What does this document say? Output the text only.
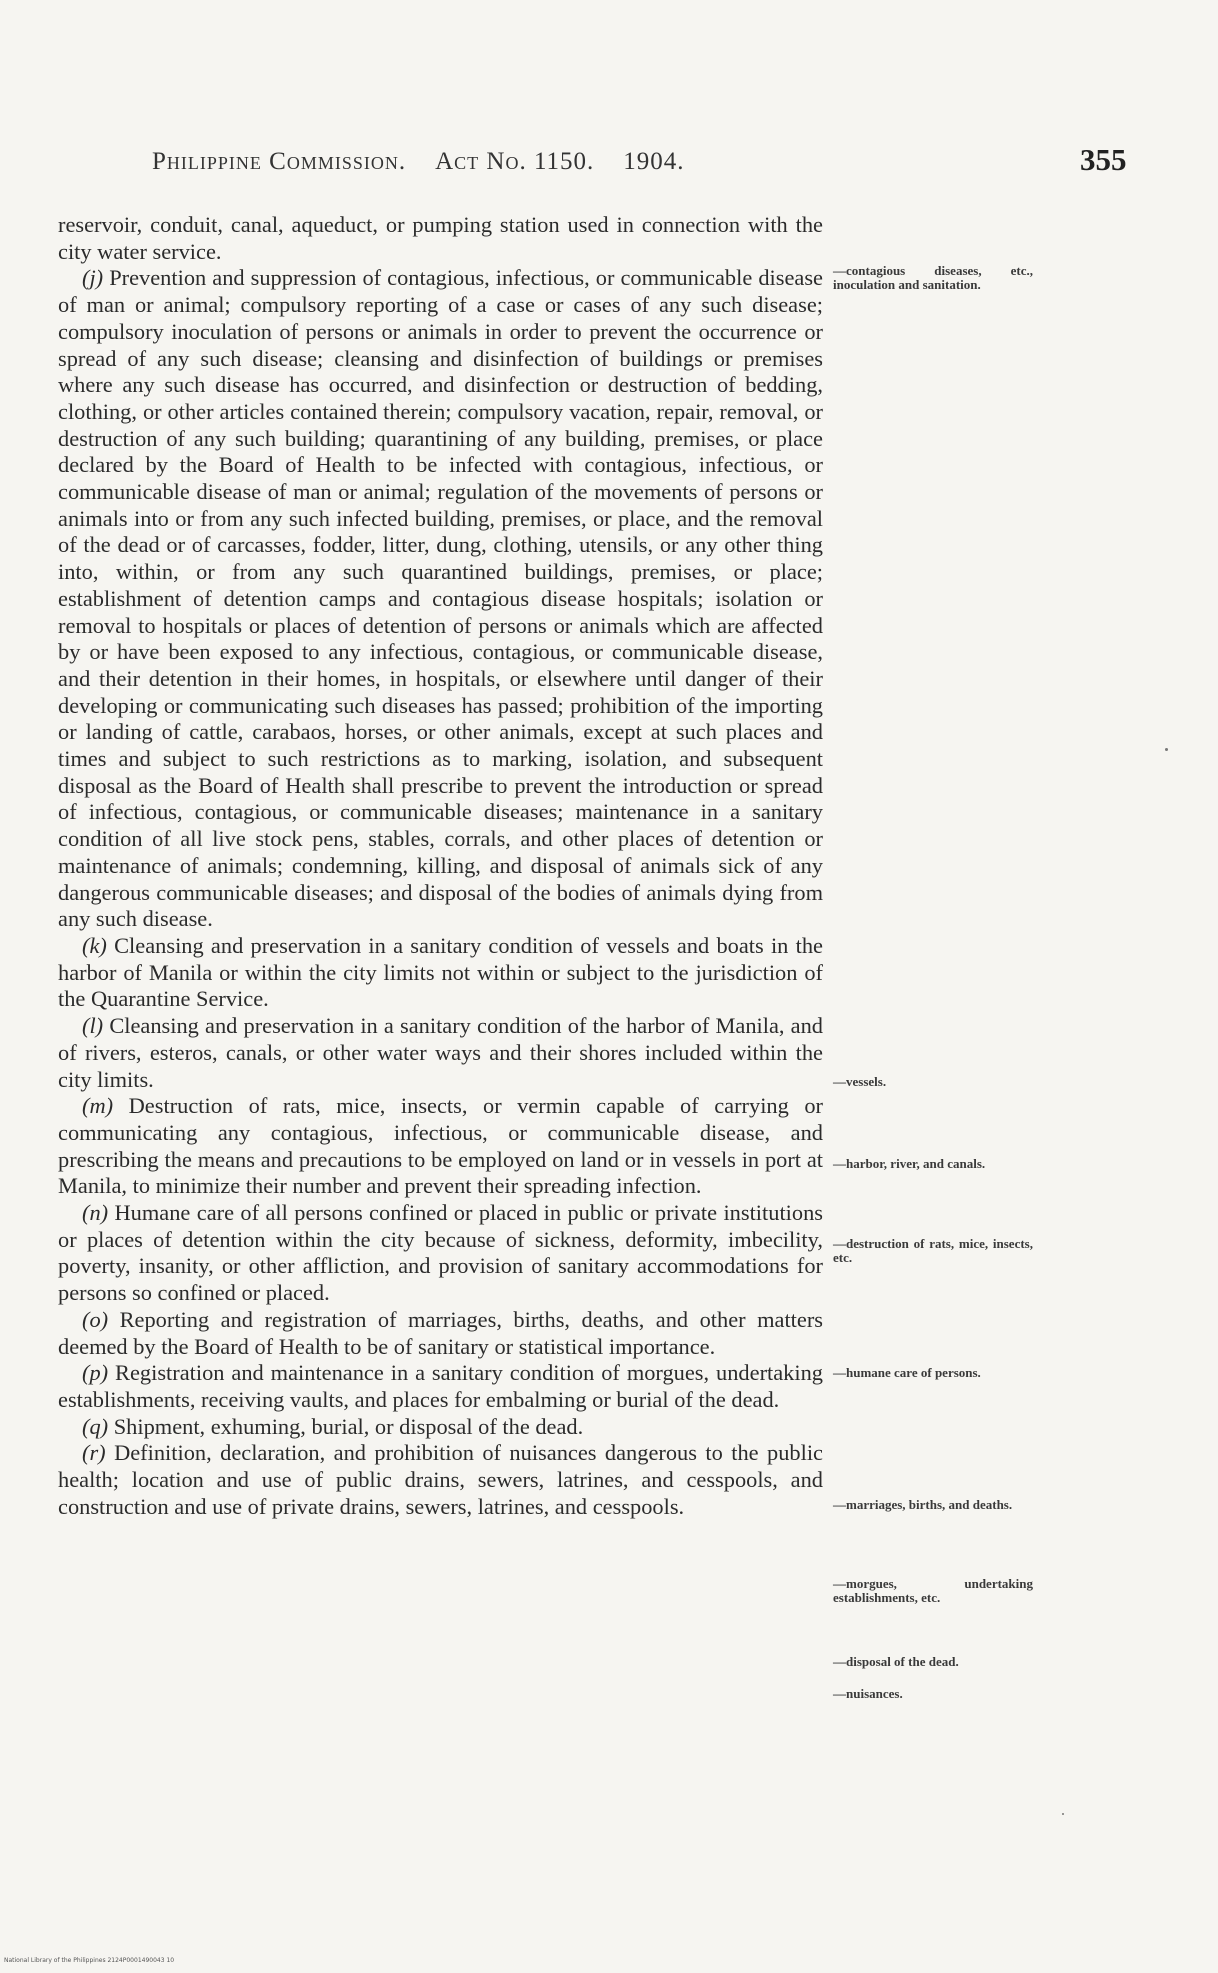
Philippine Commission. Act No. 1150. 1904.	355

reservoir, conduit, canal, aqueduct, or pumping station used in connection with the city water service.

(j) Prevention and suppression of contagious, infectious, or communicable disease of man or animal; compulsory reporting of a case or cases of any such disease; compulsory inoculation of persons or animals in order to prevent the occurrence or spread of any such disease; cleansing and disinfection of buildings or premises where any such disease has occurred, and disinfection or destruction of bedding, clothing, or other articles contained therein; compulsory vacation, repair, removal, or destruction of any such building; quarantining of any building, premises, or place declared by the Board of Health to be infected with contagious, infectious, or communicable disease of man or animal; regulation of the movements of persons or animals into or from any such infected building, premises, or place, and the removal of the dead or of carcasses, fodder, litter, dung, clothing, utensils, or any other thing into, within, or from any such quarantined buildings, premises, or place; establishment of detention camps and contagious disease hospitals; isolation or removal to hospitals or places of detention of persons or animals which are affected by or have been exposed to any infectious, contagious, or communicable disease, and their detention in their homes, in hospitals, or elsewhere until danger of their developing or communicating such diseases has passed; prohibition of the importing or landing of cattle, carabaos, horses, or other animals, except at such places and times and subject to such restrictions as to marking, isolation, and subsequent disposal as the Board of Health shall prescribe to prevent the introduction or spread of infectious, contagious, or communicable diseases; maintenance in a sanitary condition of all live stock pens, stables, corrals, and other places of detention or maintenance of animals; condemning, killing, and disposal of animals sick of any dangerous communicable diseases; and disposal of the bodies of animals dying from any such disease.

(k) Cleansing and preservation in a sanitary condition of vessels and boats in the harbor of Manila or within the city limits not within or subject to the jurisdiction of the Quarantine Service.

(l) Cleansing and preservation in a sanitary condition of the harbor of Manila, and of rivers, esteros, canals, or other water ways and their shores included within the city limits.

(m) Destruction of rats, mice, insects, or vermin capable of carrying or communicating any contagious, infectious, or communicable disease, and prescribing the means and precautions to be employed on land or in vessels in port at Manila, to minimize their number and prevent their spreading infection.

(n) Humane care of all persons confined or placed in public or private institutions or places of detention within the city because of sickness, deformity, imbecility, poverty, insanity, or other affliction, and provision of sanitary accommodations for persons so confined or placed.

(o) Reporting and registration of marriages, births, deaths, and other matters deemed by the Board of Health to be of sanitary or statistical importance.

(p) Registration and maintenance in a sanitary condition of morgues, undertaking establishments, receiving vaults, and places for embalming or burial of the dead.

(q) Shipment, exhuming, burial, or disposal of the dead.

(r) Definition, declaration, and prohibition of nuisances dangerous to the public health; location and use of public drains, sewers, latrines, and cesspools, and construction and use of private drains, sewers, latrines, and cesspools.

—contagious diseases, etc., inoculation and sanitation.
—vessels.
—harbor, river, and canals.
—destruction of rats, mice, insects, etc.
—humane care of persons.
—marriages, births, and deaths.
—morgues, undertaking establishments, etc.
—disposal of the dead.
—nuisances.
National Library of the Philippines 2124P0001490043 10
